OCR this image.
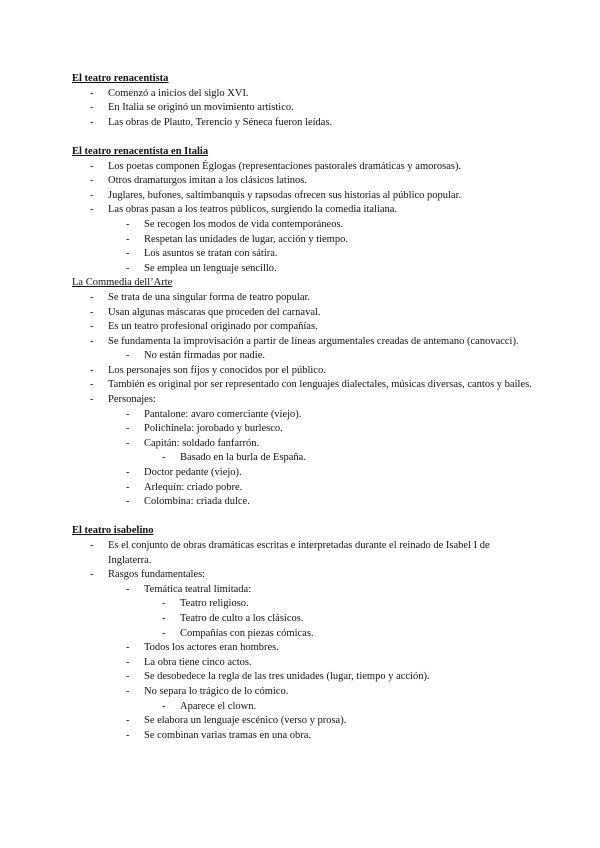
El teatro renacentista

- Comenzó a inicios del siglo XVI.
- En Italia se originó un movimiento artístico.
- Las obras de Plauto, Terencio y Séneca fueron leídas.

El teatro renacentista en Italia

- Los poetas componen Églogas (representaciones pastorales dramáticas y amorosas).
- Otros dramaturgos imitan a los clásicos latinos.
- Juglares, bufones, saltimbanquis y rapsodas ofrecen sus historias al público popular.
- Las obras pasan a los teatros públicos, surgiendo la comedia italiana.
- Se recogen los modos de vida contemporáneos.
- Respetan las unidades de lugar, acción y tiempo.
- Los asuntos se tratan con sátira.
- Se emplea un lenguaje sencillo.

La Commedia dell’Arte

- Se trata de una singular forma de teatro popular.
- Usan algunas máscaras que proceden del carnaval.
- Es un teatro profesional originado por compañías.
- Se fundamenta la improvisación a partir de líneas argumentales creadas de antemano (canovacci).
- No están firmadas por nadie.
- Los personajes son fijos y conocidos por el público.
- También es original por ser representado con lenguajes dialectales, músicas diversas, cantos y bailes.
- Personajes:
- Pantalone: avaro comerciante (viejo).
- Polichinela: jorobado y burlesco.
- Capitán: soldado fanfarrón.
- Basado en la burla de España.
- Doctor pedante (viejo).
- Arlequín: criado pobre.
- Colombina: criada dulce.

El teatro isabelino

- Es el conjunto de obras dramáticas escritas e interpretadas durante el reinado de Isabel I de Inglaterra.
- Rasgos fundamentales:
- Temática teatral limitada:
- Teatro religioso.
- Teatro de culto a los clásicos.
- Compañías con piezas cómicas.
- Todos los actores eran hombres.
- La obra tiene cinco actos.
- Se desobedece la regla de las tres unidades (lugar, tiempo y acción).
- No separa lo trágico de lo cómico.
- Aparece el clown.
- Se elabora un lenguaje escénico (verso y prosa).
- Se combinan varias tramas en una obra.
